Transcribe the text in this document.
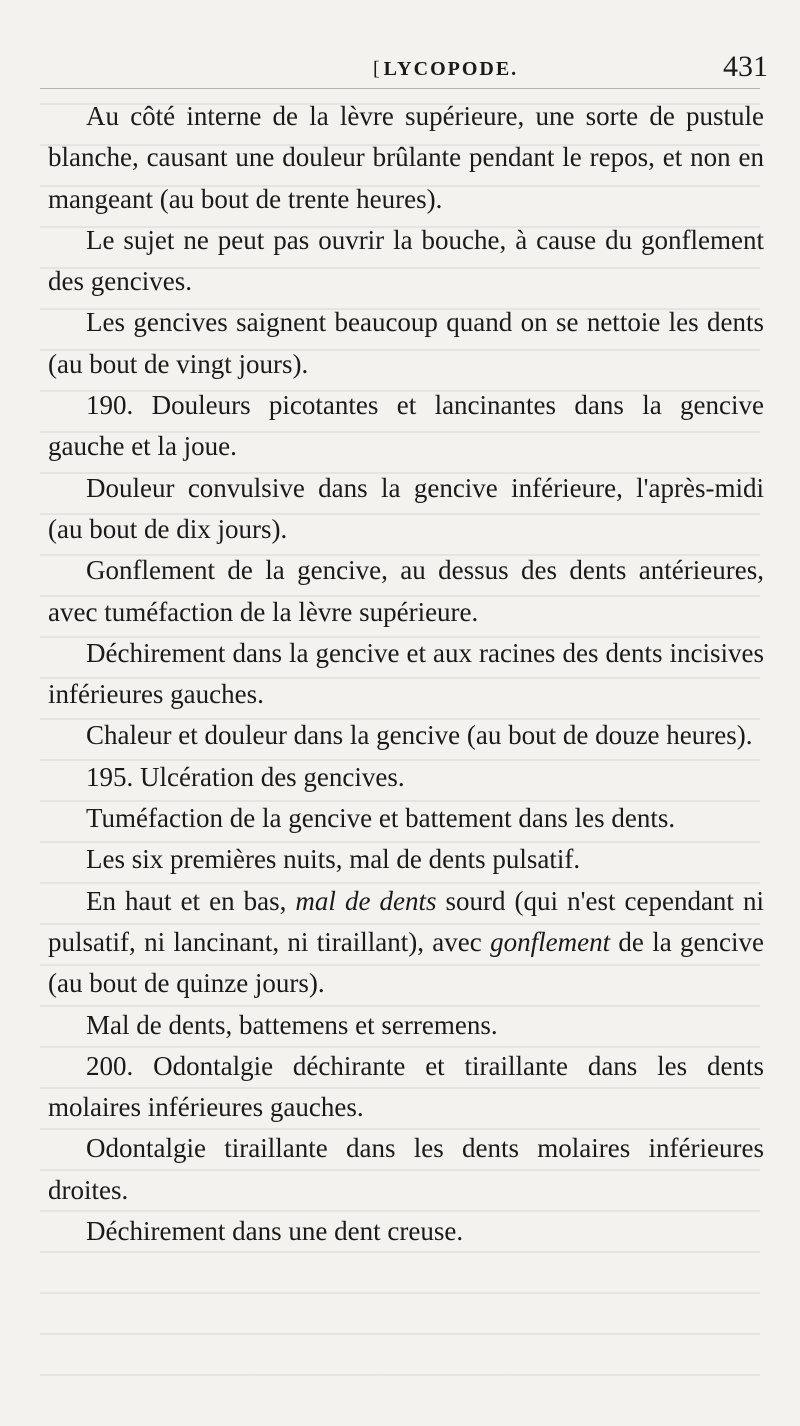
[ LYCOPODE.	431

Au côté interne de la lèvre supérieure, une sorte de pustule blanche, causant une douleur brûlante pendant le repos, et non en mangeant (au bout de trente heures).

Le sujet ne peut pas ouvrir la bouche, à cause du gonflement des gencives.

Les gencives saignent beaucoup quand on se nettoie les dents (au bout de vingt jours).

190. Douleurs picotantes et lancinantes dans la gencive gauche et la joue.

Douleur convulsive dans la gencive inférieure, l'après-midi (au bout de dix jours).

Gonflement de la gencive, au dessus des dents antérieures, avec tuméfaction de la lèvre supérieure.

Déchirement dans la gencive et aux racines des dents incisives inférieures gauches.

Chaleur et douleur dans la gencive (au bout de douze heures).

195. Ulcération des gencives.

Tuméfaction de la gencive et battement dans les dents.

Les six premières nuits, mal de dents pulsatif.

En haut et en bas, mal de dents sourd (qui n'est cependant ni pulsatif, ni lancinant, ni tiraillant), avec gonflement de la gencive (au bout de quinze jours).

Mal de dents, battemens et serremens.

200. Odontalgie déchirante et tiraillante dans les dents molaires inférieures gauches.

Odontalgie tiraillante dans les dents molaires inférieures droites.

Déchirement dans une dent creuse.
